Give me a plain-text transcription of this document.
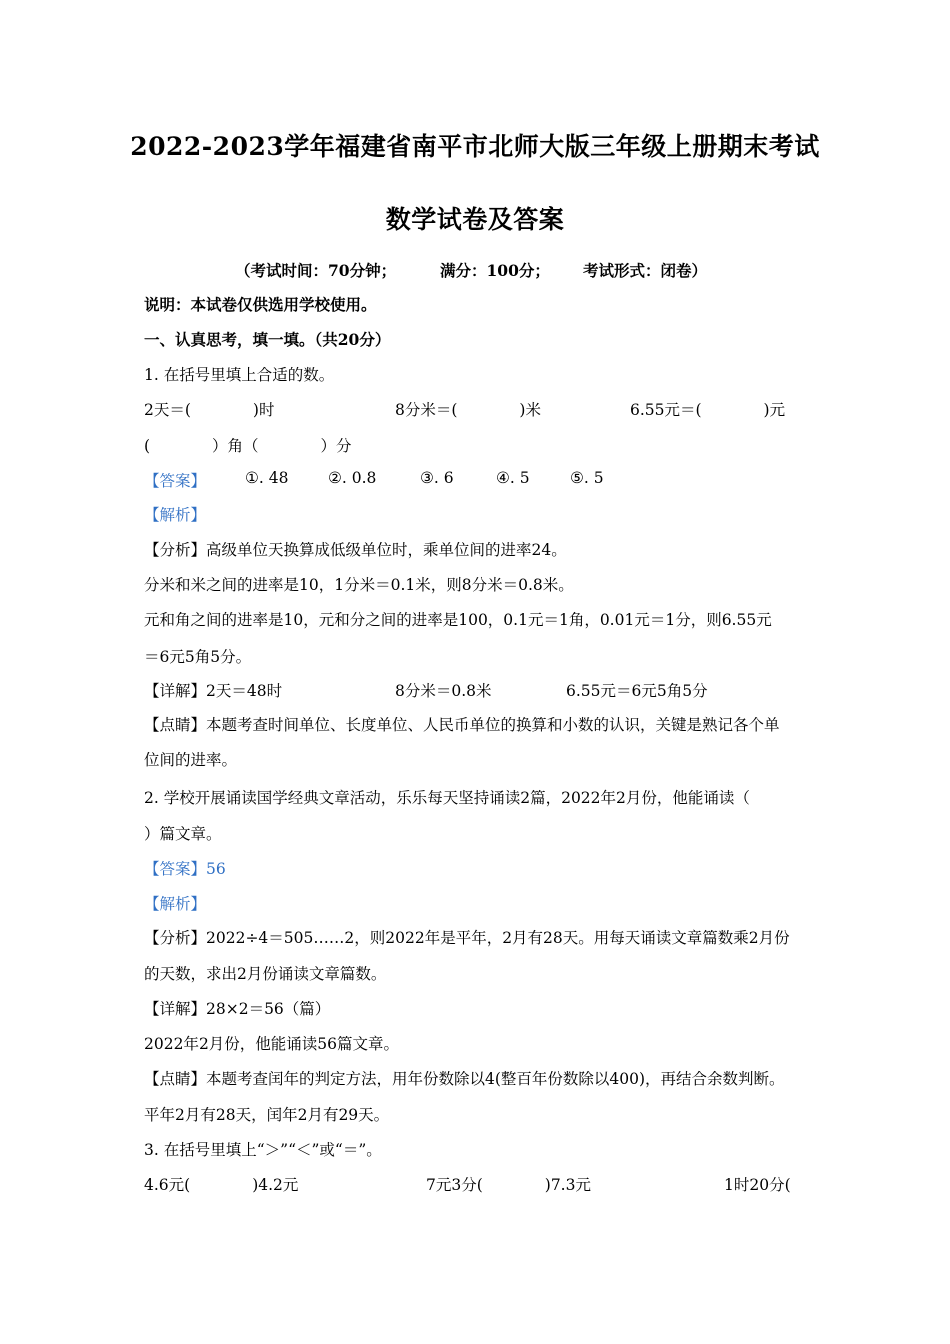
2022-2023学年福建省南平市北师大版三年级上册期末考试
数学试卷及答案
（考试时间：70分钟；	满分：100分； 考试形式：闭卷）
说明：本试卷仅供选用学校使用。
一、认真思考，填一填。（共20分）
1. 在括号里填上合适的数。
2天＝(　　　　)时	8分米＝(　　　　)米	6.55元＝(　　　　)元
(　　　　）角（　　　　）分
【答案】	①. 48	②. 0.8	③. 6	④. 5	⑤. 5
【解析】
【分析】高级单位天换算成低级单位时，乘单位间的进率24。
分米和米之间的进率是10，1分米＝0.1米，则8分米＝0.8米。
元和角之间的进率是10，元和分之间的进率是100，0.1元＝1角，0.01元＝1分，则6.55元
＝6元5角5分。
【详解】2天＝48时	8分米＝0.8米	6.55元＝6元5角5分
【点睛】本题考查时间单位、长度单位、人民币单位的换算和小数的认识，关键是熟记各个单
位间的进率。
2. 学校开展诵读国学经典文章活动，乐乐每天坚持诵读2篇，2022年2月份，他能诵读（
）篇文章。
【答案】56
【解析】
【分析】2022÷4＝505……2，则2022年是平年，2月有28天。用每天诵读文章篇数乘2月份
的天数，求出2月份诵读文章篇数。
【详解】28×2＝56（篇）
2022年2月份，他能诵读56篇文章。
【点睛】本题考查闰年的判定方法，用年份数除以4(整百年份数除以400)，再结合余数判断。
平年2月有28天，闰年2月有29天。
3. 在括号里填上“＞”“＜”或“＝”。
4.6元(　　　　)4.2元	7元3分(　　　　)7.3元	1时20分(
